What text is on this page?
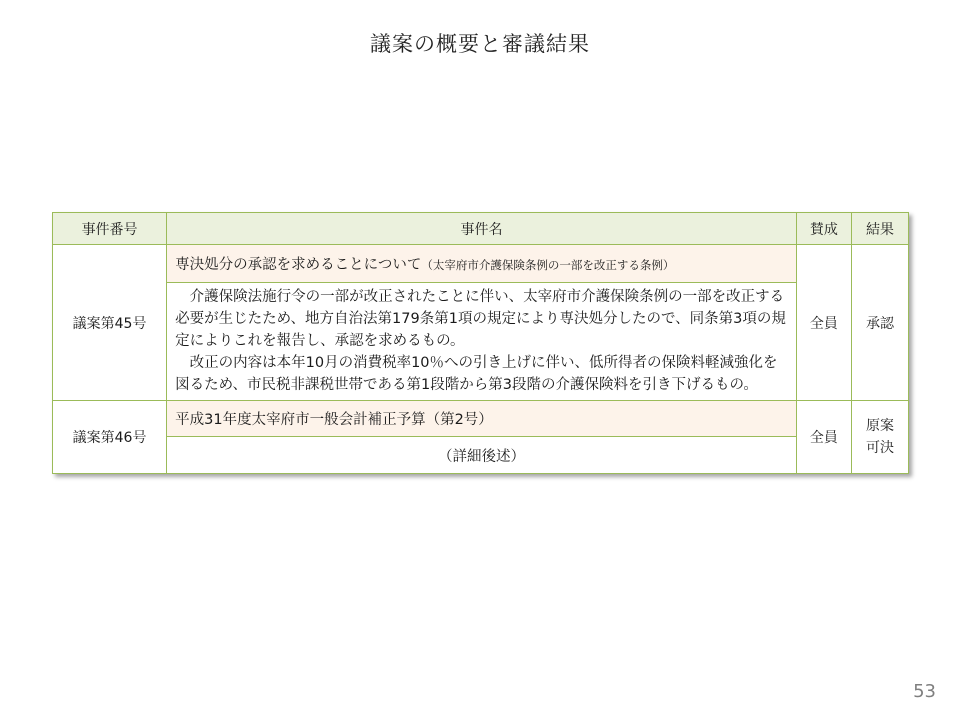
議案の概要と審議結果
事件番号	事件名	賛成	結果
議案第45号	専決処分の承認を求めることについて（太宰府市介護保険条例の一部を改正する条例）	全員	承認

	介護保険法施行令の一部が改正されたことに伴い、太宰府市介護保険条例の一部を改正する必要が生じたため、地方自治法第179条第1項の規定により専決処分したので、同条第3項の規定によりこれを報告し、承認を求めるもの。

改正の内容は本年10月の消費税率10％への引き上げに伴い、低所得者の保険料軽減強化を図るため、市民税非課税世帯である第1段階から第3段階の介護保険料を引き下げるもの。		

議案第46号	平成31年度太宰府市一般会計補正予算（第2号）	全員	原案
可決
	（詳細後述）		
53
